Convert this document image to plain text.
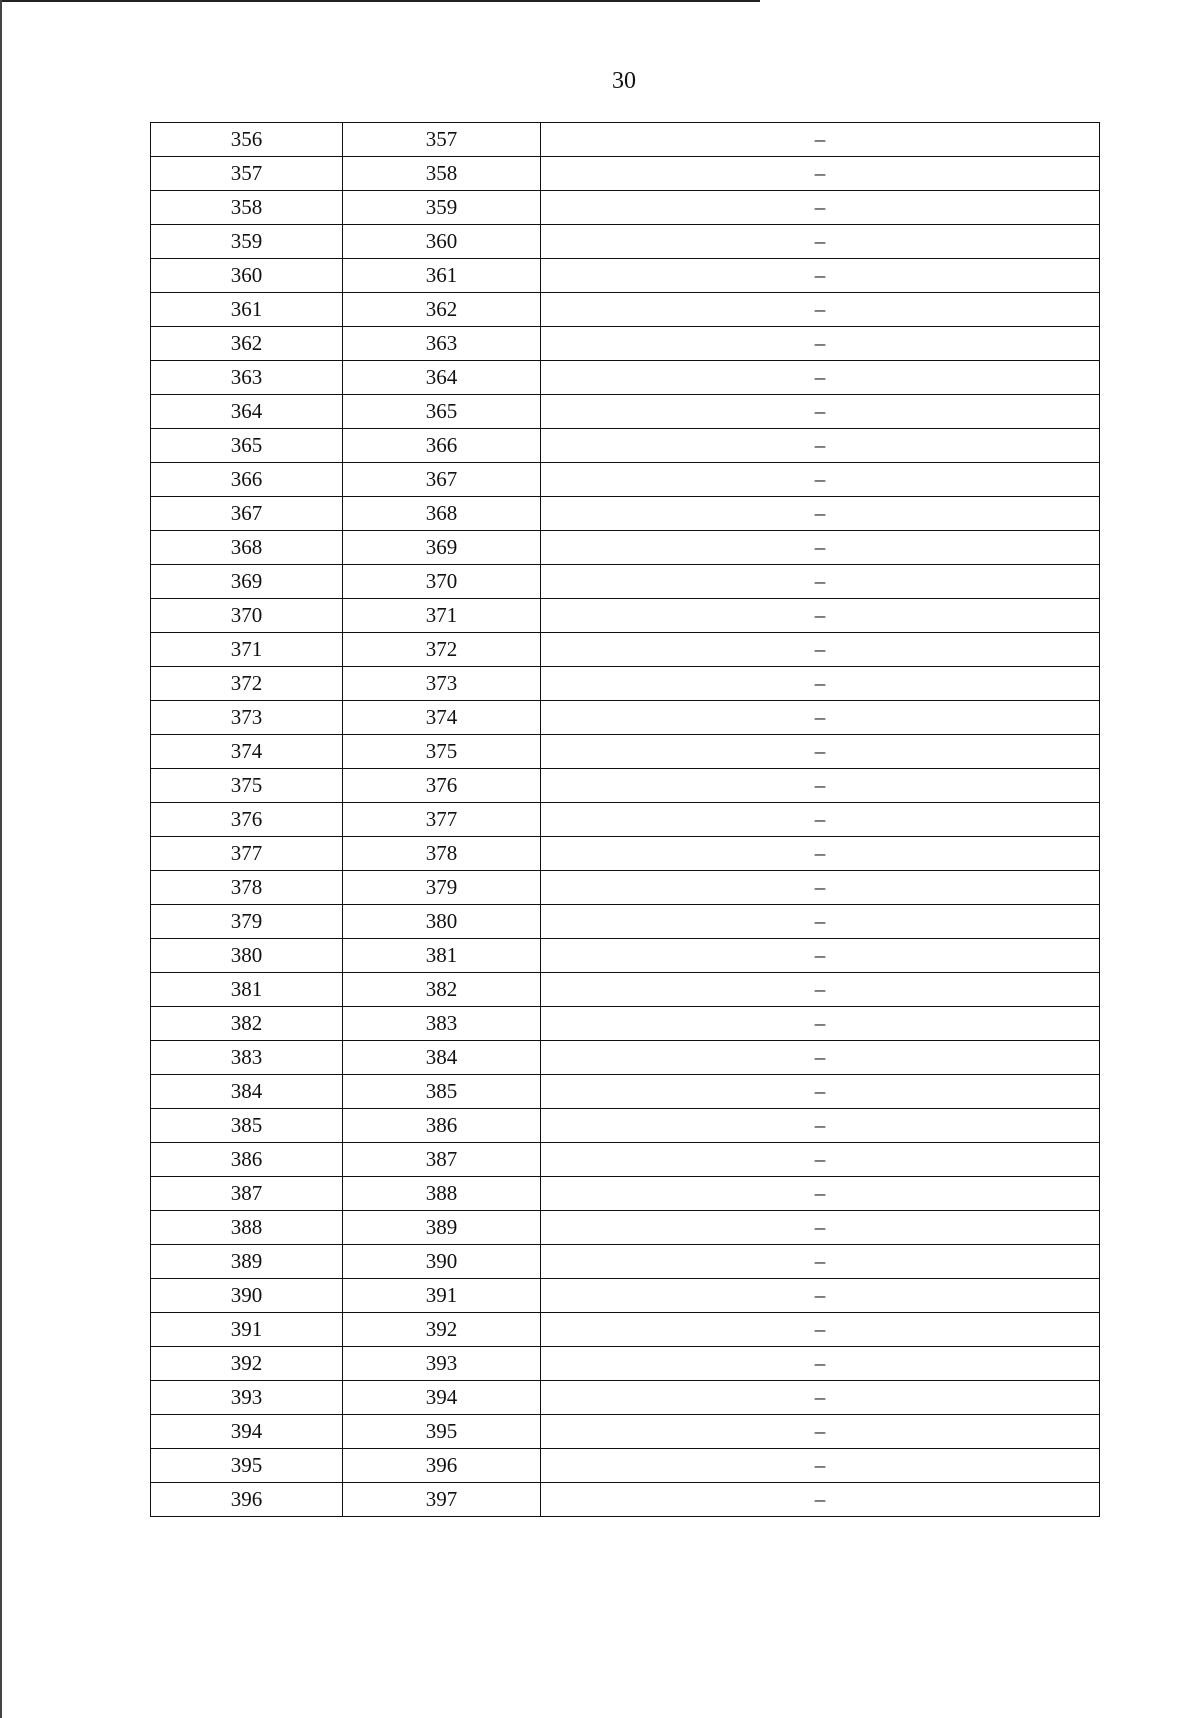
30
356	357	–
357	358	–
358	359	–
359	360	–
360	361	–
361	362	–
362	363	–
363	364	–
364	365	–
365	366	–
366	367	–
367	368	–
368	369	–
369	370	–
370	371	–
371	372	–
372	373	–
373	374	–
374	375	–
375	376	–
376	377	–
377	378	–
378	379	–
379	380	–
380	381	–
381	382	–
382	383	–
383	384	–
384	385	–
385	386	–
386	387	–
387	388	–
388	389	–
389	390	–
390	391	–
391	392	–
392	393	–
393	394	–
394	395	–
395	396	–
396	397	–
